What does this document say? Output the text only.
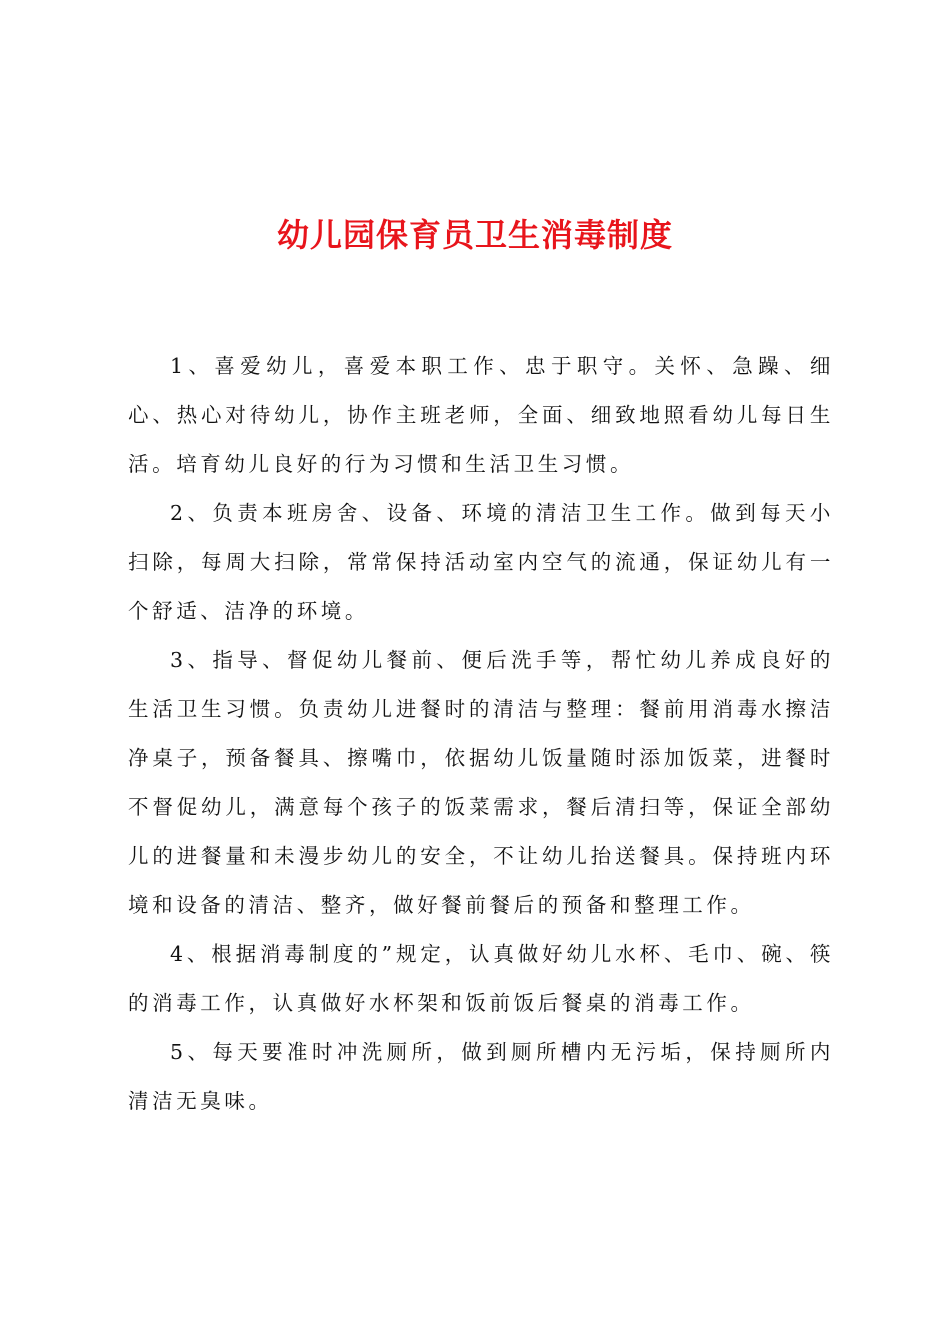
幼儿园保育员卫生消毒制度

1、喜爱幼儿，喜爱本职工作、忠于职守。关怀、急躁、细心、热心对待幼儿，协作主班老师，全面、细致地照看幼儿每日生活。培育幼儿良好的行为习惯和生活卫生习惯。

2、负责本班房舍、设备、环境的清洁卫生工作。做到每天小扫除，每周大扫除，常常保持活动室内空气的流通，保证幼儿有一个舒适、洁净的环境。

3、指导、督促幼儿餐前、便后洗手等，帮忙幼儿养成良好的生活卫生习惯。负责幼儿进餐时的清洁与整理：餐前用消毒水擦洁净桌子，预备餐具、擦嘴巾，依据幼儿饭量随时添加饭菜，进餐时不督促幼儿，满意每个孩子的饭菜需求，餐后清扫等，保证全部幼儿的进餐量和未漫步幼儿的安全，不让幼儿抬送餐具。保持班内环境和设备的清洁、整齐，做好餐前餐后的预备和整理工作。

4、根据消毒制度的”规定，认真做好幼儿水杯、毛巾、碗、筷的消毒工作，认真做好水杯架和饭前饭后餐桌的消毒工作。

5、每天要准时冲洗厕所，做到厕所槽内无污垢，保持厕所内清洁无臭味。
